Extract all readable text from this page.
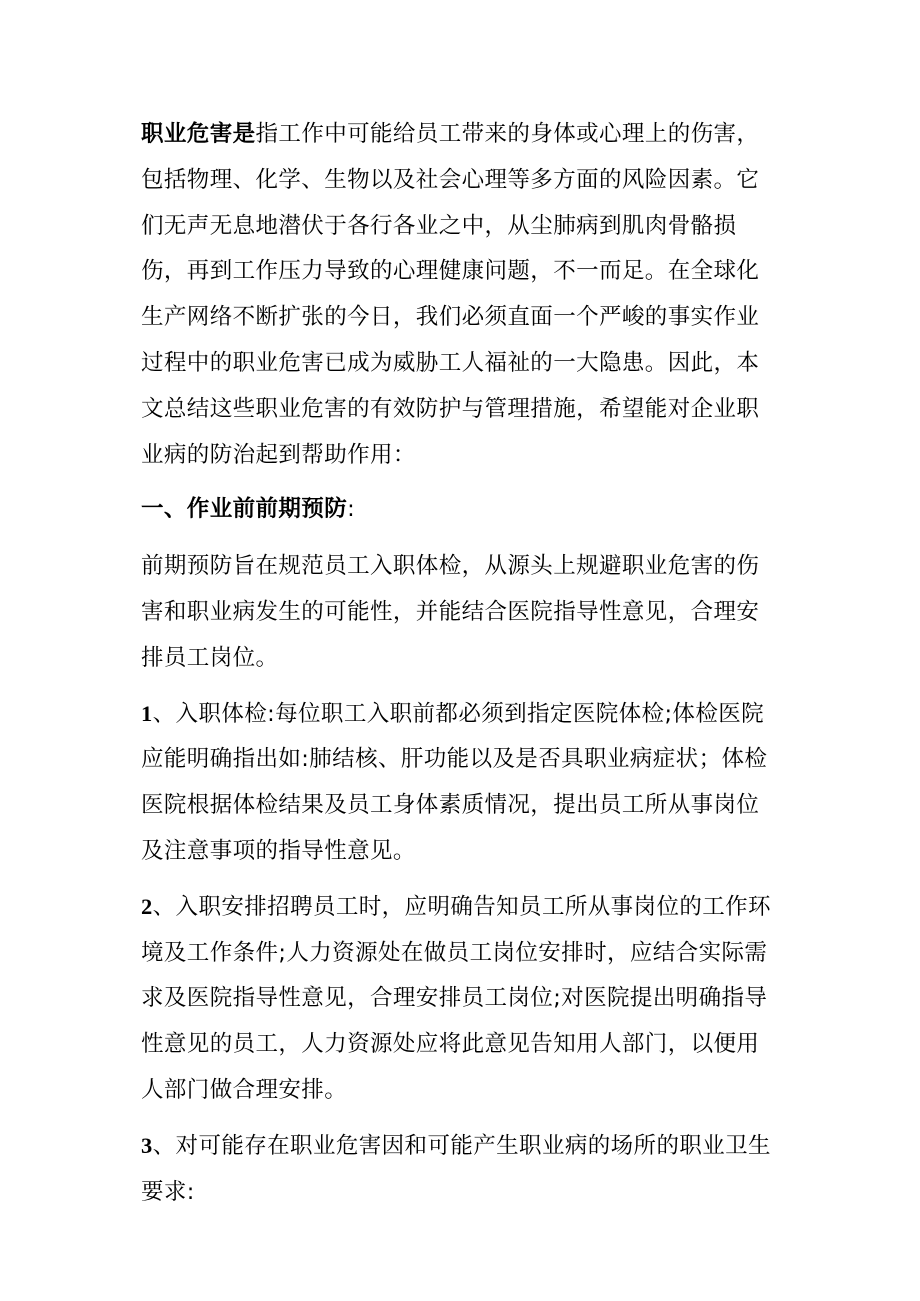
职业危害是指工作中可能给员工带来的身体或心理上的伤害，包括物理、化学、生物以及社会心理等多方面的风险因素。它们无声无息地潜伏于各行各业之中，从尘肺病到肌肉骨骼损伤，再到工作压力导致的心理健康问题，不一而足。在全球化生产网络不断扩张的今日，我们必须直面一个严峻的事实作业过程中的职业危害已成为威胁工人福祉的一大隐患。因此，本文总结这些职业危害的有效防护与管理措施，希望能对企业职业病的防治起到帮助作用：

一、作业前前期预防:

前期预防旨在规范员工入职体检，从源头上规避职业危害的伤害和职业病发生的可能性，并能结合医院指导性意见，合理安排员工岗位。

1、入职体检:每位职工入职前都必须到指定医院体检;体检医院应能明确指出如:肺结核、肝功能以及是否具职业病症状；体检医院根据体检结果及员工身体素质情况，提出员工所从事岗位及注意事项的指导性意见。

2、入职安排招聘员工时，应明确告知员工所从事岗位的工作环境及工作条件;人力资源处在做员工岗位安排时，应结合实际需求及医院指导性意见，合理安排员工岗位;对医院提出明确指导性意见的员工，人力资源处应将此意见告知用人部门，以便用人部门做合理安排。

3、对可能存在职业危害因和可能产生职业病的场所的职业卫生要求:
